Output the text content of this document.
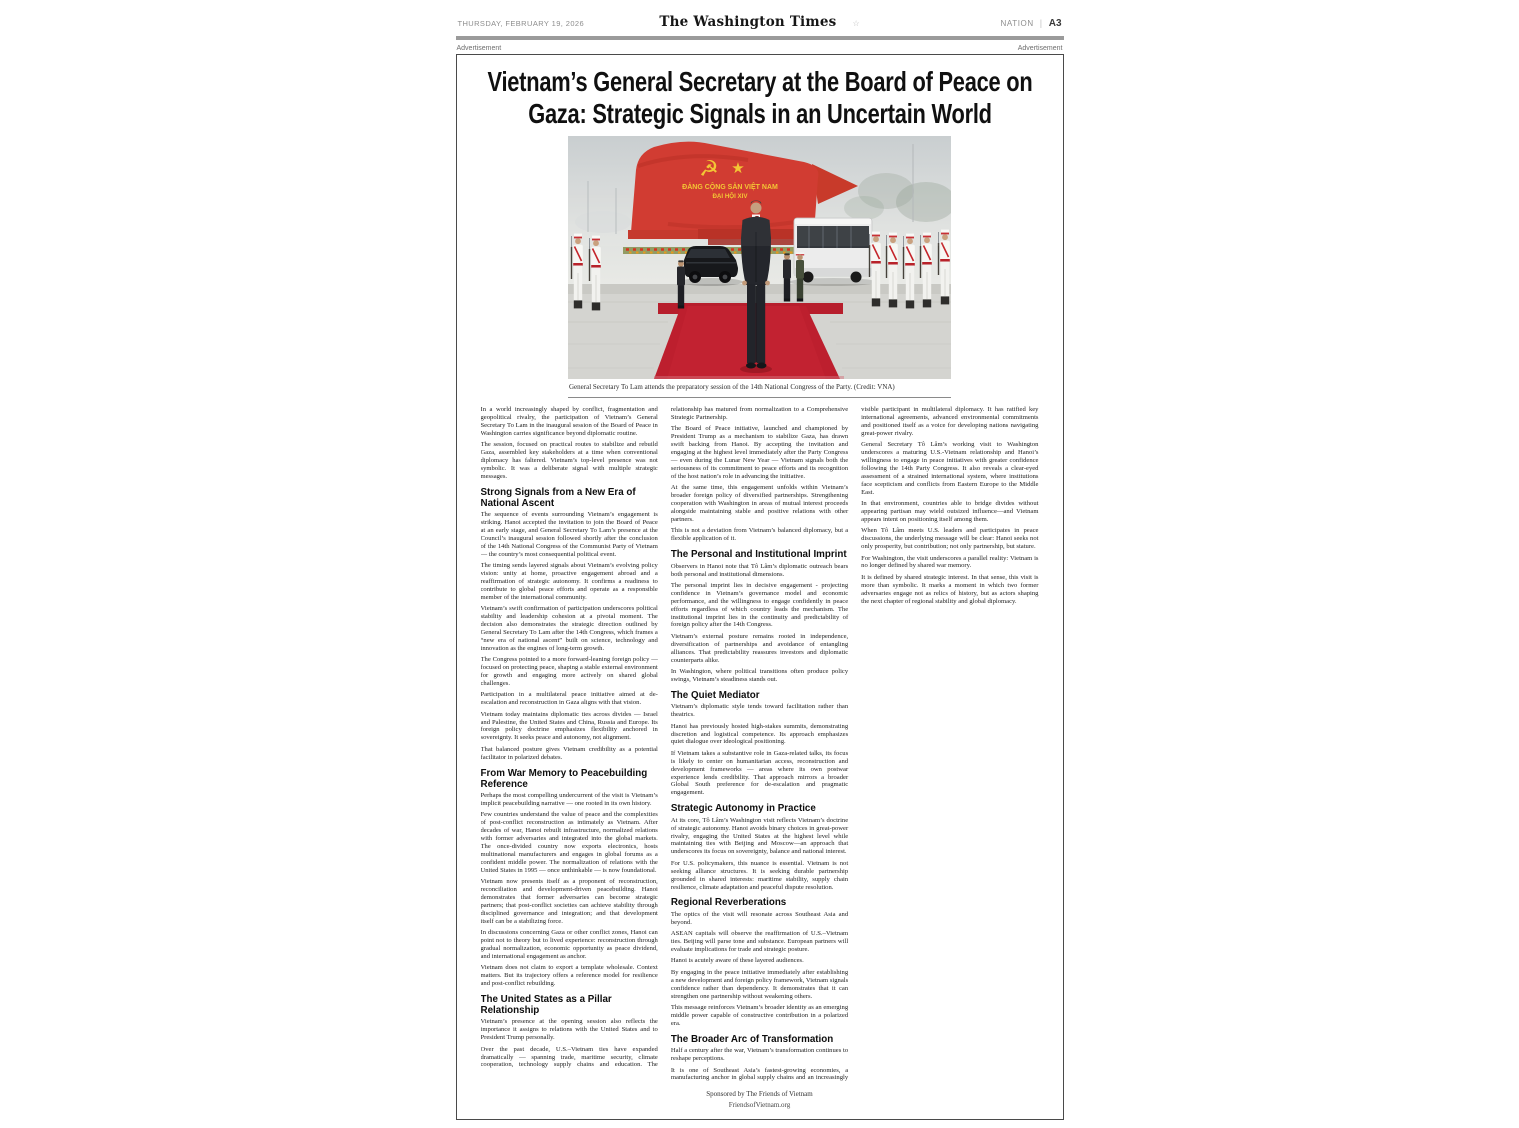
THURSDAY, FEBRUARY 19, 2026	The Washington Times ☆	NATION | A3
Advertisement	Advertisement
Vietnam’s General Secretary at the Board of Peace on Gaza: Strategic Signals in an Uncertain World
☭ ★
ĐẢNG CỘNG SẢN VIỆT NAM
ĐẠI HỘI XIV
General Secretary To Lam attends the preparatory session of the 14th National Congress of the Party. (Credit: VNA)
In a world increasingly shaped by conflict, fragmentation and geopolitical rivalry, the participation of Vietnam’s General Secretary To Lam in the inaugural session of the Board of Peace in Washington carries significance beyond diplomatic routine.
The session, focused on practical routes to stabilize and rebuild Gaza, assembled key stakeholders at a time when conventional diplomacy has faltered. Vietnam’s top-level presence was not symbolic. It was a deliberate signal with multiple strategic messages.
Strong Signals from a New Era of National Ascent
The sequence of events surrounding Vietnam’s engagement is striking. Hanoi accepted the invitation to join the Board of Peace at an early stage, and General Secretary To Lam’s presence at the Council’s inaugural session followed shortly after the conclusion of the 14th National Congress of the Communist Party of Vietnam — the country’s most consequential political event.
The timing sends layered signals about Vietnam’s evolving policy vision: unity at home, proactive engagement abroad and a reaffirmation of strategic autonomy. It confirms a readiness to contribute to global peace efforts and operate as a responsible member of the international community.
Vietnam’s swift confirmation of participation underscores political stability and leadership cohesion at a pivotal moment. The decision also demonstrates the strategic direction outlined by General Secretary To Lam after the 14th Congress, which frames a “new era of national ascent” built on science, technology and innovation as the engines of long-term growth.
The Congress pointed to a more forward-leaning foreign policy — focused on protecting peace, shaping a stable external environment for growth and engaging more actively on shared global challenges.
Participation in a multilateral peace initiative aimed at de-escalation and reconstruction in Gaza aligns with that vision.
Vietnam today maintains diplomatic ties across divides — Israel and Palestine, the United States and China, Russia and Europe. Its foreign policy doctrine emphasizes flexibility anchored in sovereignty. It seeks peace and autonomy, not alignment.
That balanced posture gives Vietnam credibility as a potential facilitator in polarized debates.
From War Memory to Peacebuilding Reference
Perhaps the most compelling undercurrent of the visit is Vietnam’s implicit peacebuilding narrative — one rooted in its own history.
Few countries understand the value of peace and the complexities of post-conflict reconstruction as intimately as Vietnam. After decades of war, Hanoi rebuilt infrastructure, normalized relations with former adversaries and integrated into the global markets. The once-divided country now exports electronics, hosts multinational manufacturers and engages in global forums as a confident middle power. The normalization of relations with the United States in 1995 — once unthinkable — is now foundational.
Vietnam now presents itself as a proponent of reconstruction, reconciliation and development-driven peacebuilding. Hanoi demonstrates that former adversaries can become strategic partners; that post-conflict societies can achieve stability through disciplined governance and integration; and that development itself can be a stabilizing force.
In discussions concerning Gaza or other conflict zones, Hanoi can point not to theory but to lived experience: reconstruction through gradual normalization, economic opportunity as peace dividend, and international engagement as anchor.
Vietnam does not claim to export a template wholesale. Context matters. But its trajectory offers a reference model for resilience and post-conflict rebuilding.
The United States as a Pillar Relationship
Vietnam’s presence at the opening session also reflects the importance it assigns to relations with the United States and to President Trump personally.
Over the past decade, U.S.–Vietnam ties have expanded dramatically — spanning trade, maritime security, climate cooperation, technology supply chains and education. The relationship has matured from normalization to a Comprehensive Strategic Partnership.
The Board of Peace initiative, launched and championed by President Trump as a mechanism to stabilize Gaza, has drawn swift backing from Hanoi. By accepting the invitation and engaging at the highest level immediately after the Party Congress — even during the Lunar New Year — Vietnam signals both the seriousness of its commitment to peace efforts and its recognition of the host nation’s role in advancing the initiative.
At the same time, this engagement unfolds within Vietnam’s broader foreign policy of diversified partnerships. Strengthening cooperation with Washington in areas of mutual interest proceeds alongside maintaining stable and positive relations with other partners.
This is not a deviation from Vietnam’s balanced diplomacy, but a flexible application of it.
The Personal and Institutional Imprint
Observers in Hanoi note that Tô Lâm’s diplomatic outreach bears both personal and institutional dimensions.
The personal imprint lies in decisive engagement - projecting confidence in Vietnam’s governance model and economic performance, and the willingness to engage confidently in peace efforts regardless of which country leads the mechanism. The institutional imprint lies in the continuity and predictability of foreign policy after the 14th Congress.
Vietnam’s external posture remains rooted in independence, diversification of partnerships and avoidance of entangling alliances. That predictability reassures investors and diplomatic counterparts alike.
In Washington, where political transitions often produce policy swings, Vietnam’s steadiness stands out.
The Quiet Mediator
Vietnam’s diplomatic style tends toward facilitation rather than theatrics.
Hanoi has previously hosted high-stakes summits, demonstrating discretion and logistical competence. Its approach emphasizes quiet dialogue over ideological positioning.
If Vietnam takes a substantive role in Gaza-related talks, its focus is likely to center on humanitarian access, reconstruction and development frameworks — areas where its own postwar experience lends credibility. That approach mirrors a broader Global South preference for de-escalation and pragmatic engagement.
Strategic Autonomy in Practice
At its core, Tô Lâm’s Washington visit reflects Vietnam’s doctrine of strategic autonomy. Hanoi avoids binary choices in great-power rivalry, engaging the United States at the highest level while maintaining ties with Beijing and Moscow—an approach that underscores its focus on sovereignty, balance and national interest.
For U.S. policymakers, this nuance is essential. Vietnam is not seeking alliance structures. It is seeking durable partnership grounded in shared interests: maritime stability, supply chain resilience, climate adaptation and peaceful dispute resolution.
Regional Reverberations
The optics of the visit will resonate across Southeast Asia and beyond.
ASEAN capitals will observe the reaffirmation of U.S.–Vietnam ties. Beijing will parse tone and substance. European partners will evaluate implications for trade and strategic posture.
Hanoi is acutely aware of these layered audiences.
By engaging in the peace initiative immediately after establishing a new development and foreign policy framework, Vietnam signals confidence rather than dependency. It demonstrates that it can strengthen one partnership without weakening others.
This message reinforces Vietnam’s broader identity as an emerging middle power capable of constructive contribution in a polarized era.
The Broader Arc of Transformation
Half a century after the war, Vietnam’s transformation continues to reshape perceptions.
It is one of Southeast Asia’s fastest-growing economies, a manufacturing anchor in global supply chains and an increasingly visible participant in multilateral diplomacy. It has ratified key international agreements, advanced environmental commitments and positioned itself as a voice for developing nations navigating great-power rivalry.
General Secretary Tô Lâm’s working visit to Washington underscores a maturing U.S.-Vietnam relationship and Hanoi’s willingness to engage in peace initiatives with greater confidence following the 14th Party Congress. It also reveals a clear-eyed assessment of a strained international system, where institutions face scepticism and conflicts from Eastern Europe to the Middle East.
In that environment, countries able to bridge divides without appearing partisan may wield outsized influence—and Vietnam appears intent on positioning itself among them.
When Tô Lâm meets U.S. leaders and participates in peace discussions, the underlying message will be clear: Hanoi seeks not only prosperity, but contribution; not only partnership, but stature.
For Washington, the visit underscores a parallel reality: Vietnam is no longer defined by shared war memory.
It is defined by shared strategic interest. In that sense, this visit is more than symbolic. It marks a moment in which two former adversaries engage not as relics of history, but as actors shaping the next chapter of regional stability and global diplomacy.
Sponsored by The Friends of Vietnam
FriendsofVietnam.org
